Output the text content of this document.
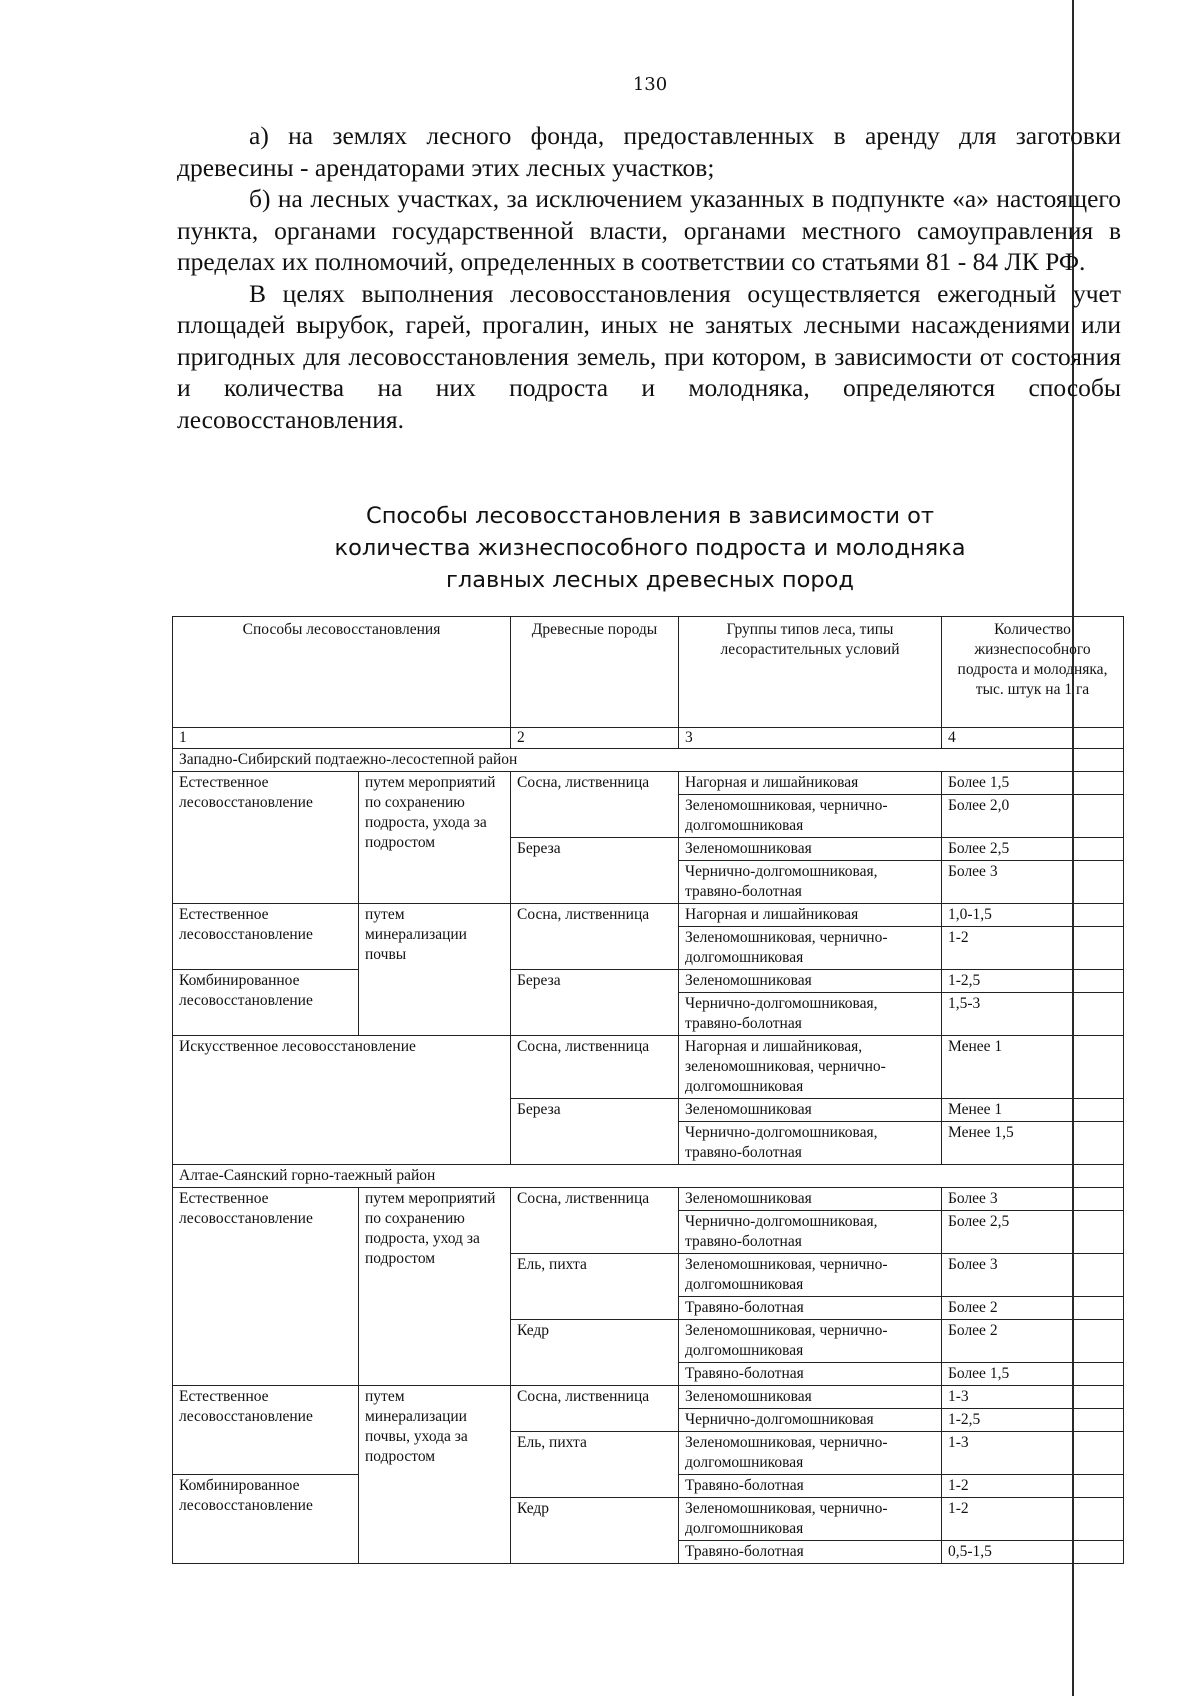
130

а) на землях лесного фонда, предоставленных в аренду для заготовки древесины - арендаторами этих лесных участков;

б) на лесных участках, за исключением указанных в подпункте «а» настоящего пункта, органами государственной власти, органами местного самоуправления в пределах их полномочий, определенных в соответствии со статьями 81 - 84 ЛК РФ.

В целях выполнения лесовосстановления осуществляется ежегодный учет площадей вырубок, гарей, прогалин, иных не занятых лесными насаждениями или пригодных для лесовосстановления земель, при котором, в зависимости от состояния и количества на них подроста и молодняка, определяются способы лесовосстановления.

Способы лесовосстановления в зависимости от
количества жизнеспособного подроста и молодняка
главных лесных древесных пород
Способы лесовосстановления		Древесные породы	Группы типов леса, типы лесорастительных условий	Количество жизнеспособного подроста и молодняка, тыс. штук на 1 га
1		2	3	4
Западно-Сибирский подтаежно-лесостепной район				
Естественное лесовосстановление	путем мероприятий по сохранению подроста, ухода за подростом	Сосна, лиственница	Нагорная и лишайниковая	Более 1,5
			Зеленомошниковая, чернично-долгомошниковая	Более 2,0
		Береза	Зеленомошниковая	Более 2,5
			Чернично-долгомошниковая, травяно-болотная	Более 3
Естественное лесовосстановление	путем минерализации почвы	Сосна, лиственница	Нагорная и лишайниковая	1,0-1,5
			Зеленомошниковая, чернично-долгомошниковая	1-2
Комбинированное лесовосстановление		Береза	Зеленомошниковая	1-2,5
			Чернично-долгомошниковая, травяно-болотная	1,5-3
Искусственное лесовосстановление		Сосна, лиственница	Нагорная и лишайниковая, зеленомошниковая, чернично-долгомошниковая	Менее 1
		Береза	Зеленомошниковая	Менее 1
			Чернично-долгомошниковая, травяно-болотная	Менее 1,5
Алтае-Саянский горно-таежный район				
Естественное лесовосстановление	путем мероприятий по сохранению подроста, уход за подростом	Сосна, лиственница	Зеленомошниковая	Более 3
			Чернично-долгомошниковая, травяно-болотная	Более 2,5
		Ель, пихта	Зеленомошниковая, чернично-долгомошниковая	Более 3
			Травяно-болотная	Более 2
		Кедр	Зеленомошниковая, чернично-долгомошниковая	Более 2
			Травяно-болотная	Более 1,5
Естественное лесовосстановление	путем минерализации почвы, ухода за подростом	Сосна, лиственница	Зеленомошниковая	1-3
			Чернично-долгомошниковая	1-2,5
		Ель, пихта	Зеленомошниковая, чернично-долгомошниковая	1-3
Комбинированное лесовосстановление			Травяно-болотная	1-2
		Кедр	Зеленомошниковая, чернично-долгомошниковая	1-2
			Травяно-болотная	0,5-1,5
